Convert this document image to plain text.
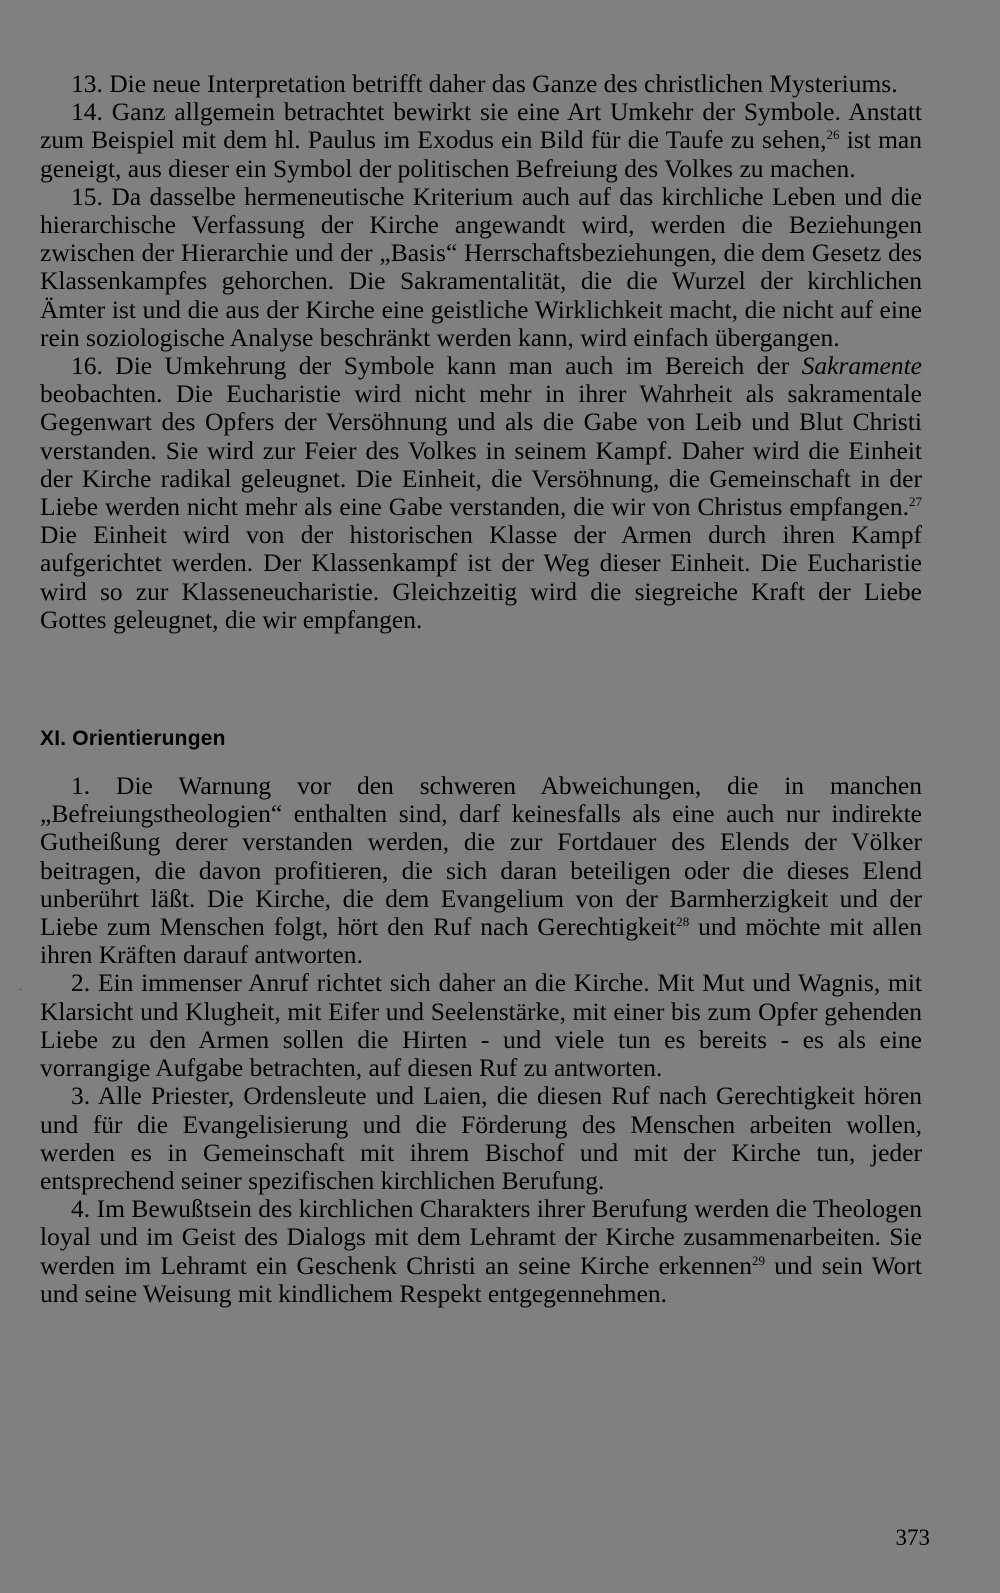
13. Die neue Interpretation betrifft daher das Ganze des christlichen Mysteriums.

14. Ganz allgemein betrachtet bewirkt sie eine Art Umkehr der Symbole. Anstatt zum Beispiel mit dem hl. Paulus im Exodus ein Bild für die Taufe zu sehen,$^{26}$ ist man geneigt, aus dieser ein Symbol der politischen Befreiung des Volkes zu machen.

15. Da dasselbe hermeneutische Kriterium auch auf das kirchliche Leben und die hierarchische Verfassung der Kirche angewandt wird, werden die Beziehungen zwischen der Hierarchie und der „Basis“ Herrschaftsbeziehungen, die dem Gesetz des Klassenkampfes gehorchen. Die Sakramentalität, die die Wurzel der kirchlichen Ämter ist und die aus der Kirche eine geistliche Wirklichkeit macht, die nicht auf eine rein soziologische Analyse beschränkt werden kann, wird einfach übergangen.

16. Die Umkehrung der Symbole kann man auch im Bereich der Sakramente beobachten. Die Eucharistie wird nicht mehr in ihrer Wahrheit als sakramentale Gegenwart des Opfers der Versöhnung und als die Gabe von Leib und Blut Christi verstanden. Sie wird zur Feier des Volkes in seinem Kampf. Daher wird die Einheit der Kirche radikal geleugnet. Die Einheit, die Versöhnung, die Gemeinschaft in der Liebe werden nicht mehr als eine Gabe verstanden, die wir von Christus empfangen.$^{27}$ Die Einheit wird von der historischen Klasse der Armen durch ihren Kampf aufgerichtet werden. Der Klassenkampf ist der Weg dieser Einheit. Die Eucharistie wird so zur Klasseneucharistie. Gleichzeitig wird die siegreiche Kraft der Liebe Gottes geleugnet, die wir empfangen.

XI. Orientierungen

1. Die Warnung vor den schweren Abweichungen, die in manchen „Befreiungstheologien“ enthalten sind, darf keinesfalls als eine auch nur indirekte Gutheißung derer verstanden werden, die zur Fortdauer des Elends der Völker beitragen, die davon profitieren, die sich daran beteiligen oder die dieses Elend unberührt läßt. Die Kirche, die dem Evangelium von der Barmherzigkeit und der Liebe zum Menschen folgt, hört den Ruf nach Gerechtigkeit$^{28}$ und möchte mit allen ihren Kräften darauf antworten.

2. Ein immenser Anruf richtet sich daher an die Kirche. Mit Mut und Wagnis, mit Klarsicht und Klugheit, mit Eifer und Seelenstärke, mit einer bis zum Opfer gehenden Liebe zu den Armen sollen die Hirten - und viele tun es bereits - es als eine vorrangige Aufgabe betrachten, auf diesen Ruf zu antworten.

3. Alle Priester, Ordensleute und Laien, die diesen Ruf nach Gerechtigkeit hören und für die Evangelisierung und die Förderung des Menschen arbeiten wollen, werden es in Gemeinschaft mit ihrem Bischof und mit der Kirche tun, jeder entsprechend seiner spezifischen kirchlichen Berufung.

4. Im Bewußtsein des kirchlichen Charakters ihrer Berufung werden die Theologen loyal und im Geist des Dialogs mit dem Lehramt der Kirche zusammenarbeiten. Sie werden im Lehramt ein Geschenk Christi an seine Kirche erkennen$^{29}$ und sein Wort und seine Weisung mit kindlichem Respekt entgegennehmen.

373
·
